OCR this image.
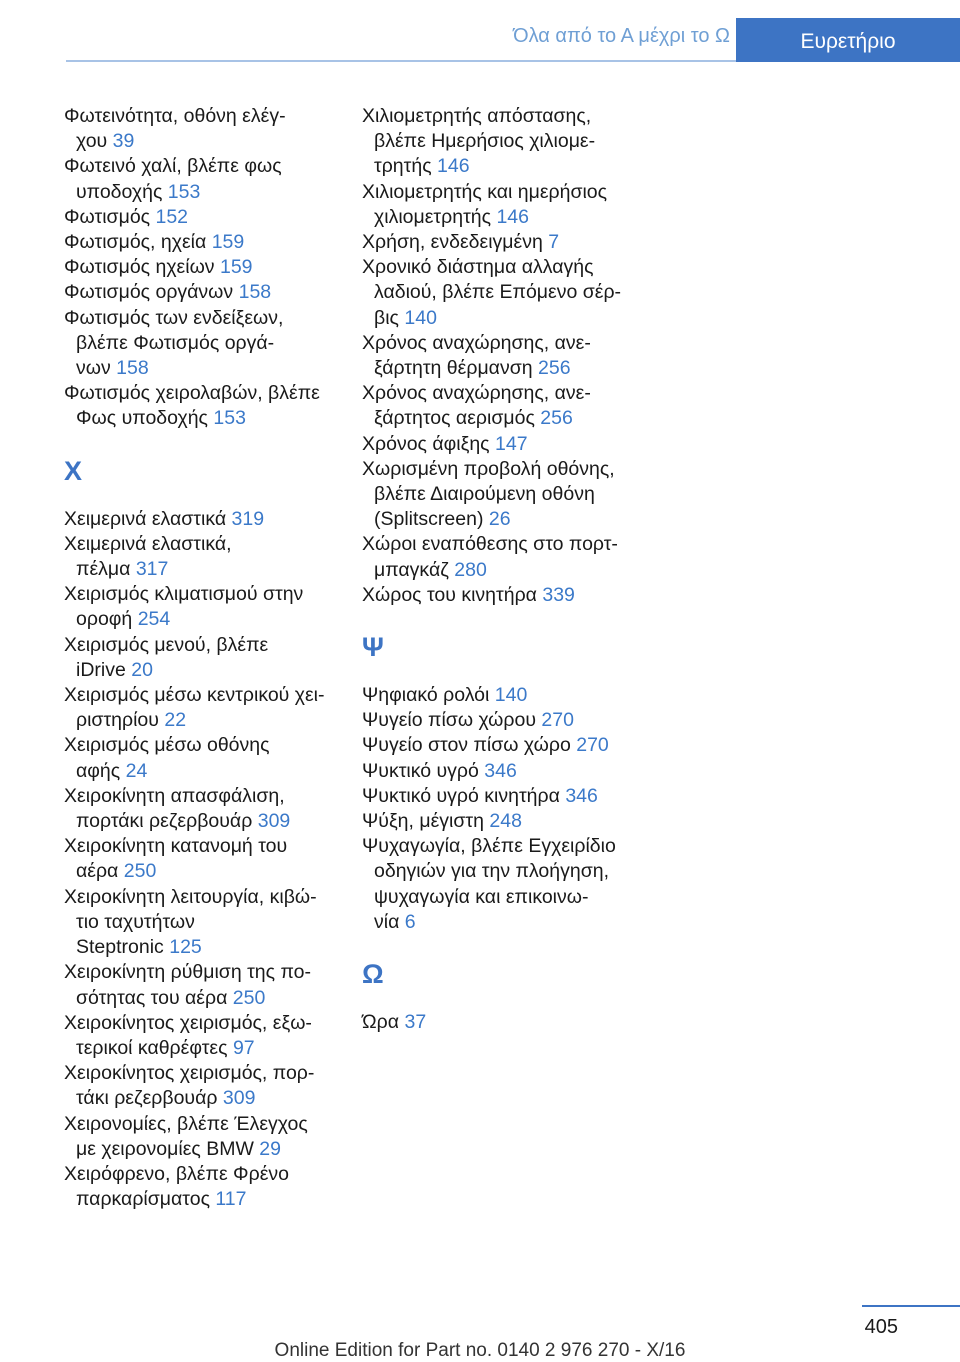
Όλα από το Α μέχρι το Ω	Ευρετήριο

Φωτεινότητα, οθόνη ελέγ-
χου 39

Φωτεινό χαλί, βλέπε φως
υποδοχής 153

Φωτισμός 152

Φωτισμός, ηχεία 159

Φωτισμός ηχείων 159

Φωτισμός οργάνων 158

Φωτισμός των ενδείξεων,
βλέπε Φωτισμός οργά-
νων 158

Φωτισμός χειρολαβών, βλέπε
Φως υποδοχής 153

Χ

Χειμερινά ελαστικά 319

Χειμερινά ελαστικά,
πέλμα 317

Χειρισμός κλιματισμού στην
οροφή 254

Χειρισμός μενού, βλέπε
iDrive 20

Χειρισμός μέσω κεντρικού χει-
ριστηρίου 22

Χειρισμός μέσω οθόνης
αφής 24

Χειροκίνητη απασφάλιση,
πορτάκι ρεζερβουάρ 309

Χειροκίνητη κατανομή του
αέρα 250

Χειροκίνητη λειτουργία, κιβώ-
τιο ταχυτήτων
Steptronic 125

Χειροκίνητη ρύθμιση της πο-
σότητας του αέρα 250

Χειροκίνητος χειρισμός, εξω-
τερικοί καθρέφτες 97

Χειροκίνητος χειρισμός, πορ-
τάκι ρεζερβουάρ 309

Χειρονομίες, βλέπε Έλεγχος
με χειρονομίες BMW 29

Χειρόφρενο, βλέπε Φρένο
παρκαρίσματος 117

Χιλιομετρητής απόστασης,
βλέπε Ημερήσιος χιλιομε-
τρητής 146

Χιλιομετρητής και ημερήσιος
χιλιομετρητής 146

Χρήση, ενδεδειγμένη 7

Χρονικό διάστημα αλλαγής
λαδιού, βλέπε Επόμενο σέρ-
βις 140

Χρόνος αναχώρησης, ανε-
ξάρτητη θέρμανση 256

Χρόνος αναχώρησης, ανε-
ξάρτητος αερισμός 256

Χρόνος άφιξης 147

Χωρισμένη προβολή οθόνης,
βλέπε Διαιρούμενη οθόνη
(Splitscreen) 26

Χώροι εναπόθεσης στο πορτ-
μπαγκάζ 280

Χώρος του κινητήρα 339

Ψ

Ψηφιακό ρολόι 140

Ψυγείο πίσω χώρου 270

Ψυγείο στον πίσω χώρο 270

Ψυκτικό υγρό 346

Ψυκτικό υγρό κινητήρα 346

Ψύξη, μέγιστη 248

Ψυχαγωγία, βλέπε Εγχειρίδιο
οδηγιών για την πλοήγηση,
ψυχαγωγία και επικοινω-
νία 6

Ω

Ώρα 37

405
Online Edition for Part no. 0140 2 976 270 - X/16
